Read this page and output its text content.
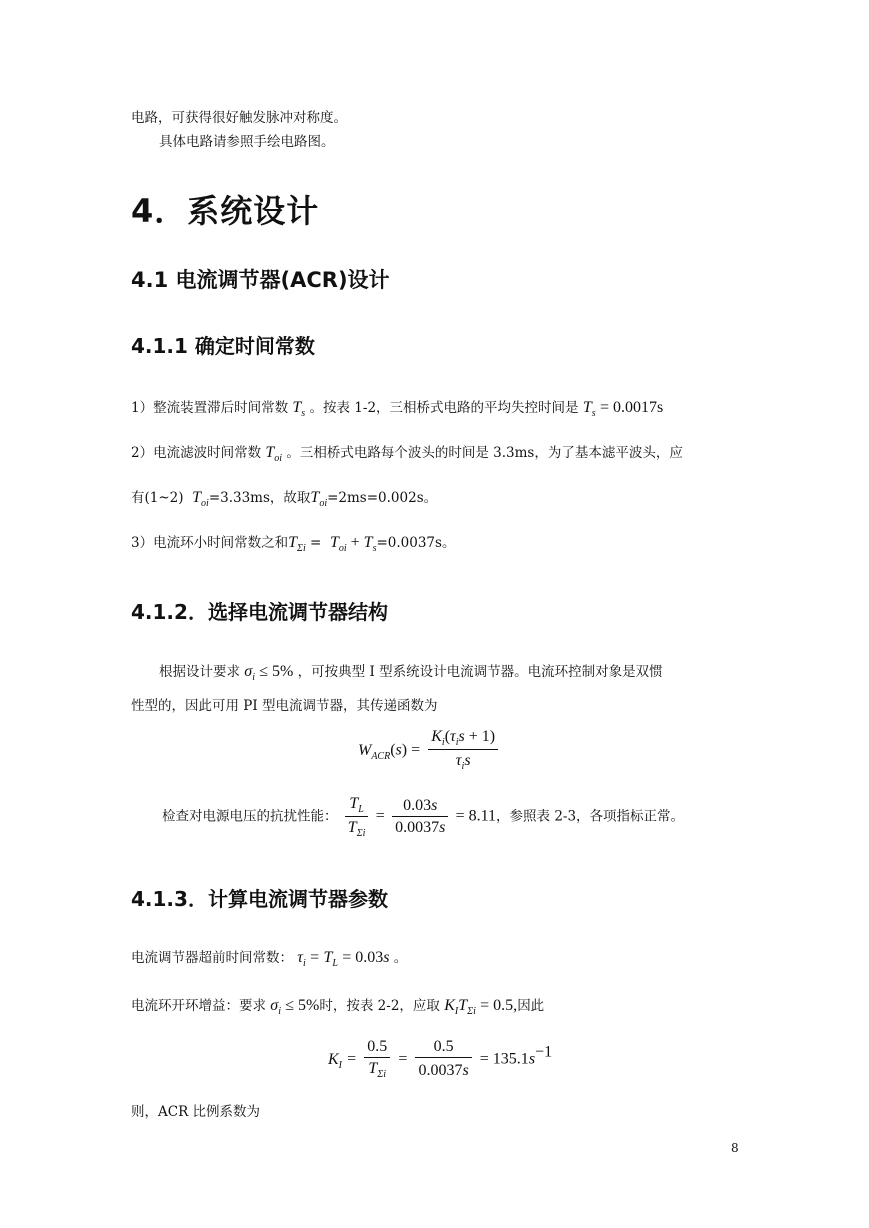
电路，可获得很好触发脉冲对称度。
具体电路请参照手绘电路图。
4．系统设计
4.1 电流调节器(ACR)设计
4.1.1 确定时间常数
1）整流装置滞后时间常数 $T_s$ 。按表 1-2，三相桥式电路的平均失控时间是 $T_s = 0.0017s$
2）电流滤波时间常数 $T_{oi}$ 。三相桥式电路每个波头的时间是 3.3ms，为了基本滤平波头，应
有(1~2) $T_{oi}=3.33ms$，故取$T_{oi}=2ms=0.002s$。
3）电流环小时间常数之和$T_{\Sigma i} = T_{oi} + T_s=0.0037s$。
4.1.2．选择电流调节器结构
根据设计要求 $\sigma_i \le 5\%$ ，可按典型 I 型系统设计电流调节器。电流环控制对象是双惯
性型的，因此可用 PI 型电流调节器，其传递函数为
$W_{ACR}(s) = \frac{K_i(\tau_is + 1)}{\tau_is}$
检查对电源电压的抗扰性能： $\frac{T_L}{T_{\Sigma i}} = \frac{0.03s}{0.0037s} = 8.11$，参照表 2-3，各项指标正常。
4.1.3．计算电流调节器参数
电流调节器超前时间常数： $\tau_i = T_L = 0.03s$ 。
电流环开环增益：要求 $\sigma_i \le 5\%$时，按表 2-2，应取 $K_IT_{\Sigma i} = 0.5$,因此
$K_I = \frac{0.5}{T_{\Sigma i}} = \frac{0.5}{0.0037s} = 135.1s^{-1}$
则，ACR 比例系数为
8
